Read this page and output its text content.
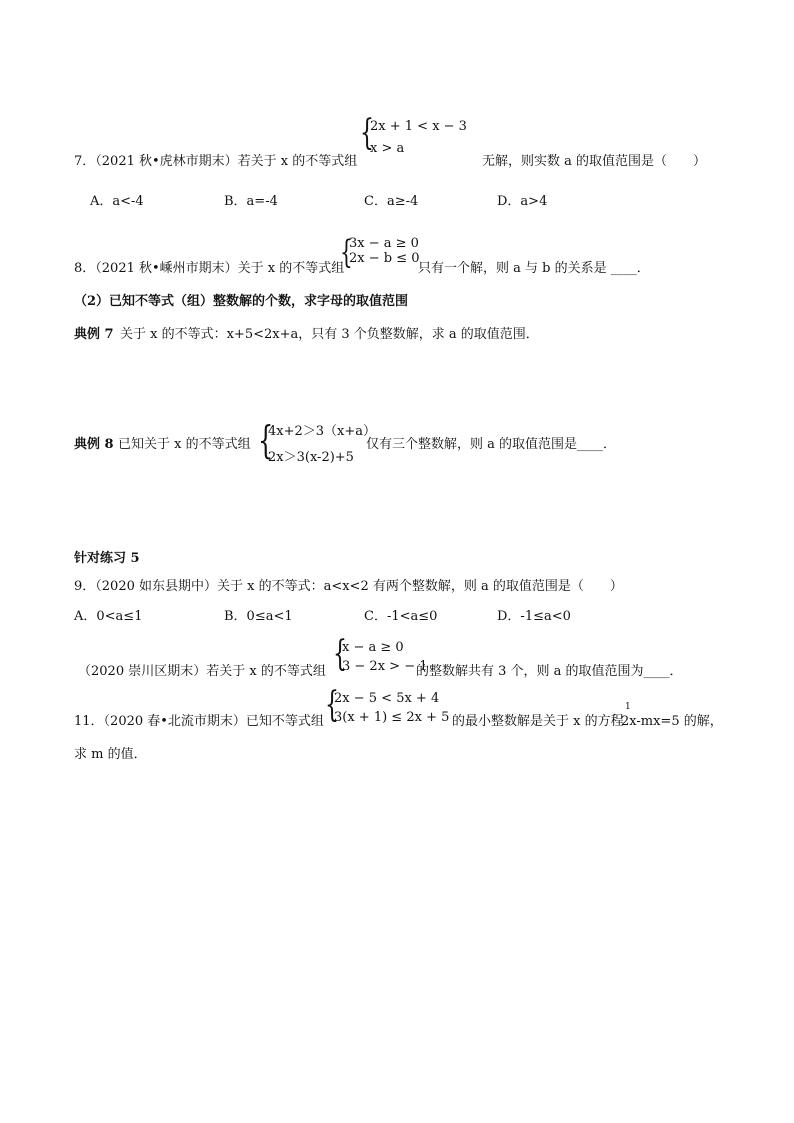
{
2x + 1 < x − 3
x > a
7．（2021 秋•虎林市期末）若关于 x 的不等式组	无解，则实数 a 的取值范围是（　　）
A．a<-4	B．a=-4	C．a≥-4	D．a>4
{
3x − a ≥ 0
2x − b ≤ 0
8．（2021 秋•嵊州市期末）关于 x 的不等式组	只有一个解，则 a 与 b 的关系是 ____．
（2）已知不等式（组）整数解的个数，求字母的取值范围
典例 7 关于 x 的不等式：x+5<2x+a，只有 3 个负整数解，求 a 的取值范围．
{
4x+2＞3（x+a）
2x＞3(x-2)+5
典例 8 已知关于 x 的不等式组	仅有三个整数解，则 a 的取值范围是____．
针对练习 5
9．（2020 如东县期中）关于 x 的不等式：a<x<2 有两个整数解，则 a 的取值范围是（　　）
A．0<a≤1	B．0≤a<1	C．-1<a≤0	D．-1≤a<0
{
x − a ≥ 0
3 − 2x > − 1
（2020 崇川区期末）若关于 x 的不等式组	的整数解共有 3 个，则 a 的取值范围为____．
{
2x − 5 < 5x + 4
3(x + 1) ≤ 2x + 5
11．（2020 春•北流市期末）已知不等式组	的最小整数解是关于 x 的方程
1
2x-mx=5 的解，
求 m 的值．
